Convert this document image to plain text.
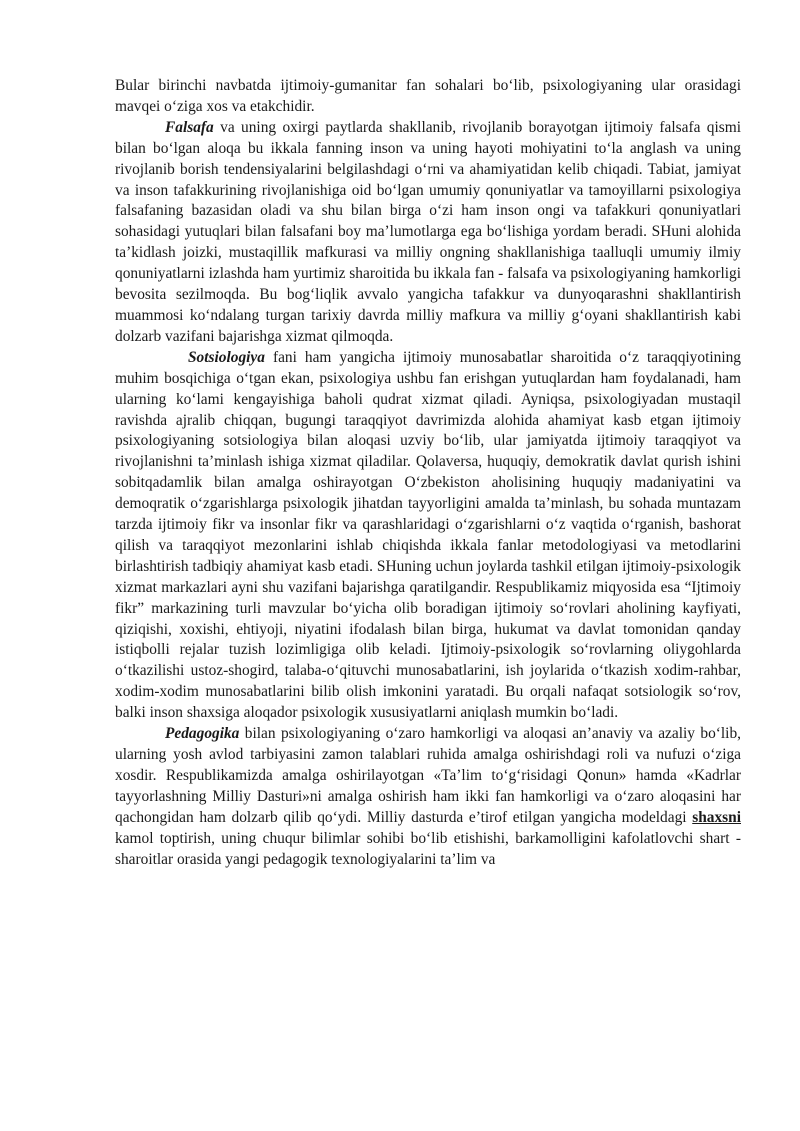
Bular birinchi navbatda ijtimoiy-gumanitar fan sohalari bo‘lib, psixologiyaning ular orasidagi mavqei o‘ziga xos va etakchidir.

Falsafa va uning oxirgi paytlarda shakllanib, rivojlanib borayotgan ijtimoiy falsafa qismi bilan bo‘lgan aloqa bu ikkala fanning inson va uning hayoti mohiyatini to‘la anglash va uning rivojlanib borish tendensiyalarini belgilashdagi o‘rni va ahamiyatidan kelib chiqadi. Tabiat, jamiyat va inson tafakkurining rivojlanishiga oid bo‘lgan umumiy qonuniyatlar va tamoyillarni psixologiya falsafaning bazasidan oladi va shu bilan birga o‘zi ham inson ongi va tafakkuri qonuniyatlari sohasidagi yutuqlari bilan falsafani boy ma’lumotlarga ega bo‘lishiga yordam beradi. SHuni alohida ta’kidlash joizki, mustaqillik mafkurasi va milliy ongning shakllanishiga taalluqli umumiy ilmiy qonuniyatlarni izlashda ham yurtimiz sharoitida bu ikkala fan - falsafa va psixologiyaning hamkorligi bevosita sezilmoqda. Bu bog‘liqlik avvalo yangicha tafakkur va dunyoqarashni shakllantirish muammosi ko‘ndalang turgan tarixiy davrda milliy mafkura va milliy g‘oyani shakllantirish kabi dolzarb vazifani bajarishga xizmat qilmoqda.

Sotsiologiya fani ham yangicha ijtimoiy munosabatlar sharoitida o‘z taraqqiyotining muhim bosqichiga o‘tgan ekan, psixologiya ushbu fan erishgan yutuqlardan ham foydalanadi, ham ularning ko‘lami kengayishiga baholi qudrat xizmat qiladi. Ayniqsa, psixologiyadan mustaqil ravishda ajralib chiqqan, bugungi taraqqiyot davrimizda alohida ahamiyat kasb etgan ijtimoiy psixologiyaning sotsiologiya bilan aloqasi uzviy bo‘lib, ular jamiyatda ijtimoiy taraqqiyot va rivojlanishni ta’minlash ishiga xizmat qiladilar. Qolaversa, huquqiy, demokratik davlat qurish ishini sobitqadamlik bilan amalga oshirayotgan O‘zbekiston aholisining huquqiy madaniyatini va demoqratik o‘zgarishlarga psixologik jihatdan tayyorligini amalda ta’minlash, bu sohada muntazam tarzda ijtimoiy fikr va insonlar fikr va qarashlaridagi o‘zgarishlarni o‘z vaqtida o‘rganish, bashorat qilish va taraqqiyot mezonlarini ishlab chiqishda ikkala fanlar metodologiyasi va metodlarini birlashtirish tadbiqiy ahamiyat kasb etadi. SHuning uchun joylarda tashkil etilgan ijtimoiy-psixologik xizmat markazlari ayni shu vazifani bajarishga qaratilgandir. Respublikamiz miqyosida esa “Ijtimoiy fikr” markazining turli mavzular bo‘yicha olib boradigan ijtimoiy so‘rovlari aholining kayfiyati, qiziqishi, xoxishi, ehtiyoji, niyatini ifodalash bilan birga, hukumat va davlat tomonidan qanday istiqbolli rejalar tuzish lozimligiga olib keladi. Ijtimoiy-psixologik so‘rovlarning oliygohlarda o‘tkazilishi ustoz-shogird, talaba-o‘qituvchi munosabatlarini, ish joylarida o‘tkazish xodim-rahbar, xodim-xodim munosabatlarini bilib olish imkonini yaratadi. Bu orqali nafaqat sotsiologik so‘rov, balki inson shaxsiga aloqador psixologik xususiyatlarni aniqlash mumkin bo‘ladi.

Pedagogika bilan psixologiyaning o‘zaro hamkorligi va aloqasi an’anaviy va azaliy bo‘lib, ularning yosh avlod tarbiyasini zamon talablari ruhida amalga oshirishdagi roli va nufuzi o‘ziga xosdir. Respublikamizda amalga oshirilayotgan «Ta’lim to‘g‘risidagi Qonun» hamda «Kadrlar tayyorlashning Milliy Dasturi»ni amalga oshirish ham ikki fan hamkorligi va o‘zaro aloqasini har qachongidan ham dolzarb qilib qo‘ydi. Milliy dasturda e’tirof etilgan yangicha modeldagi shaxsni kamol toptirish, uning chuqur bilimlar sohibi bo‘lib etishishi, barkamolligini kafolatlovchi shart - sharoitlar orasida yangi pedagogik texnologiyalarini ta’lim va
